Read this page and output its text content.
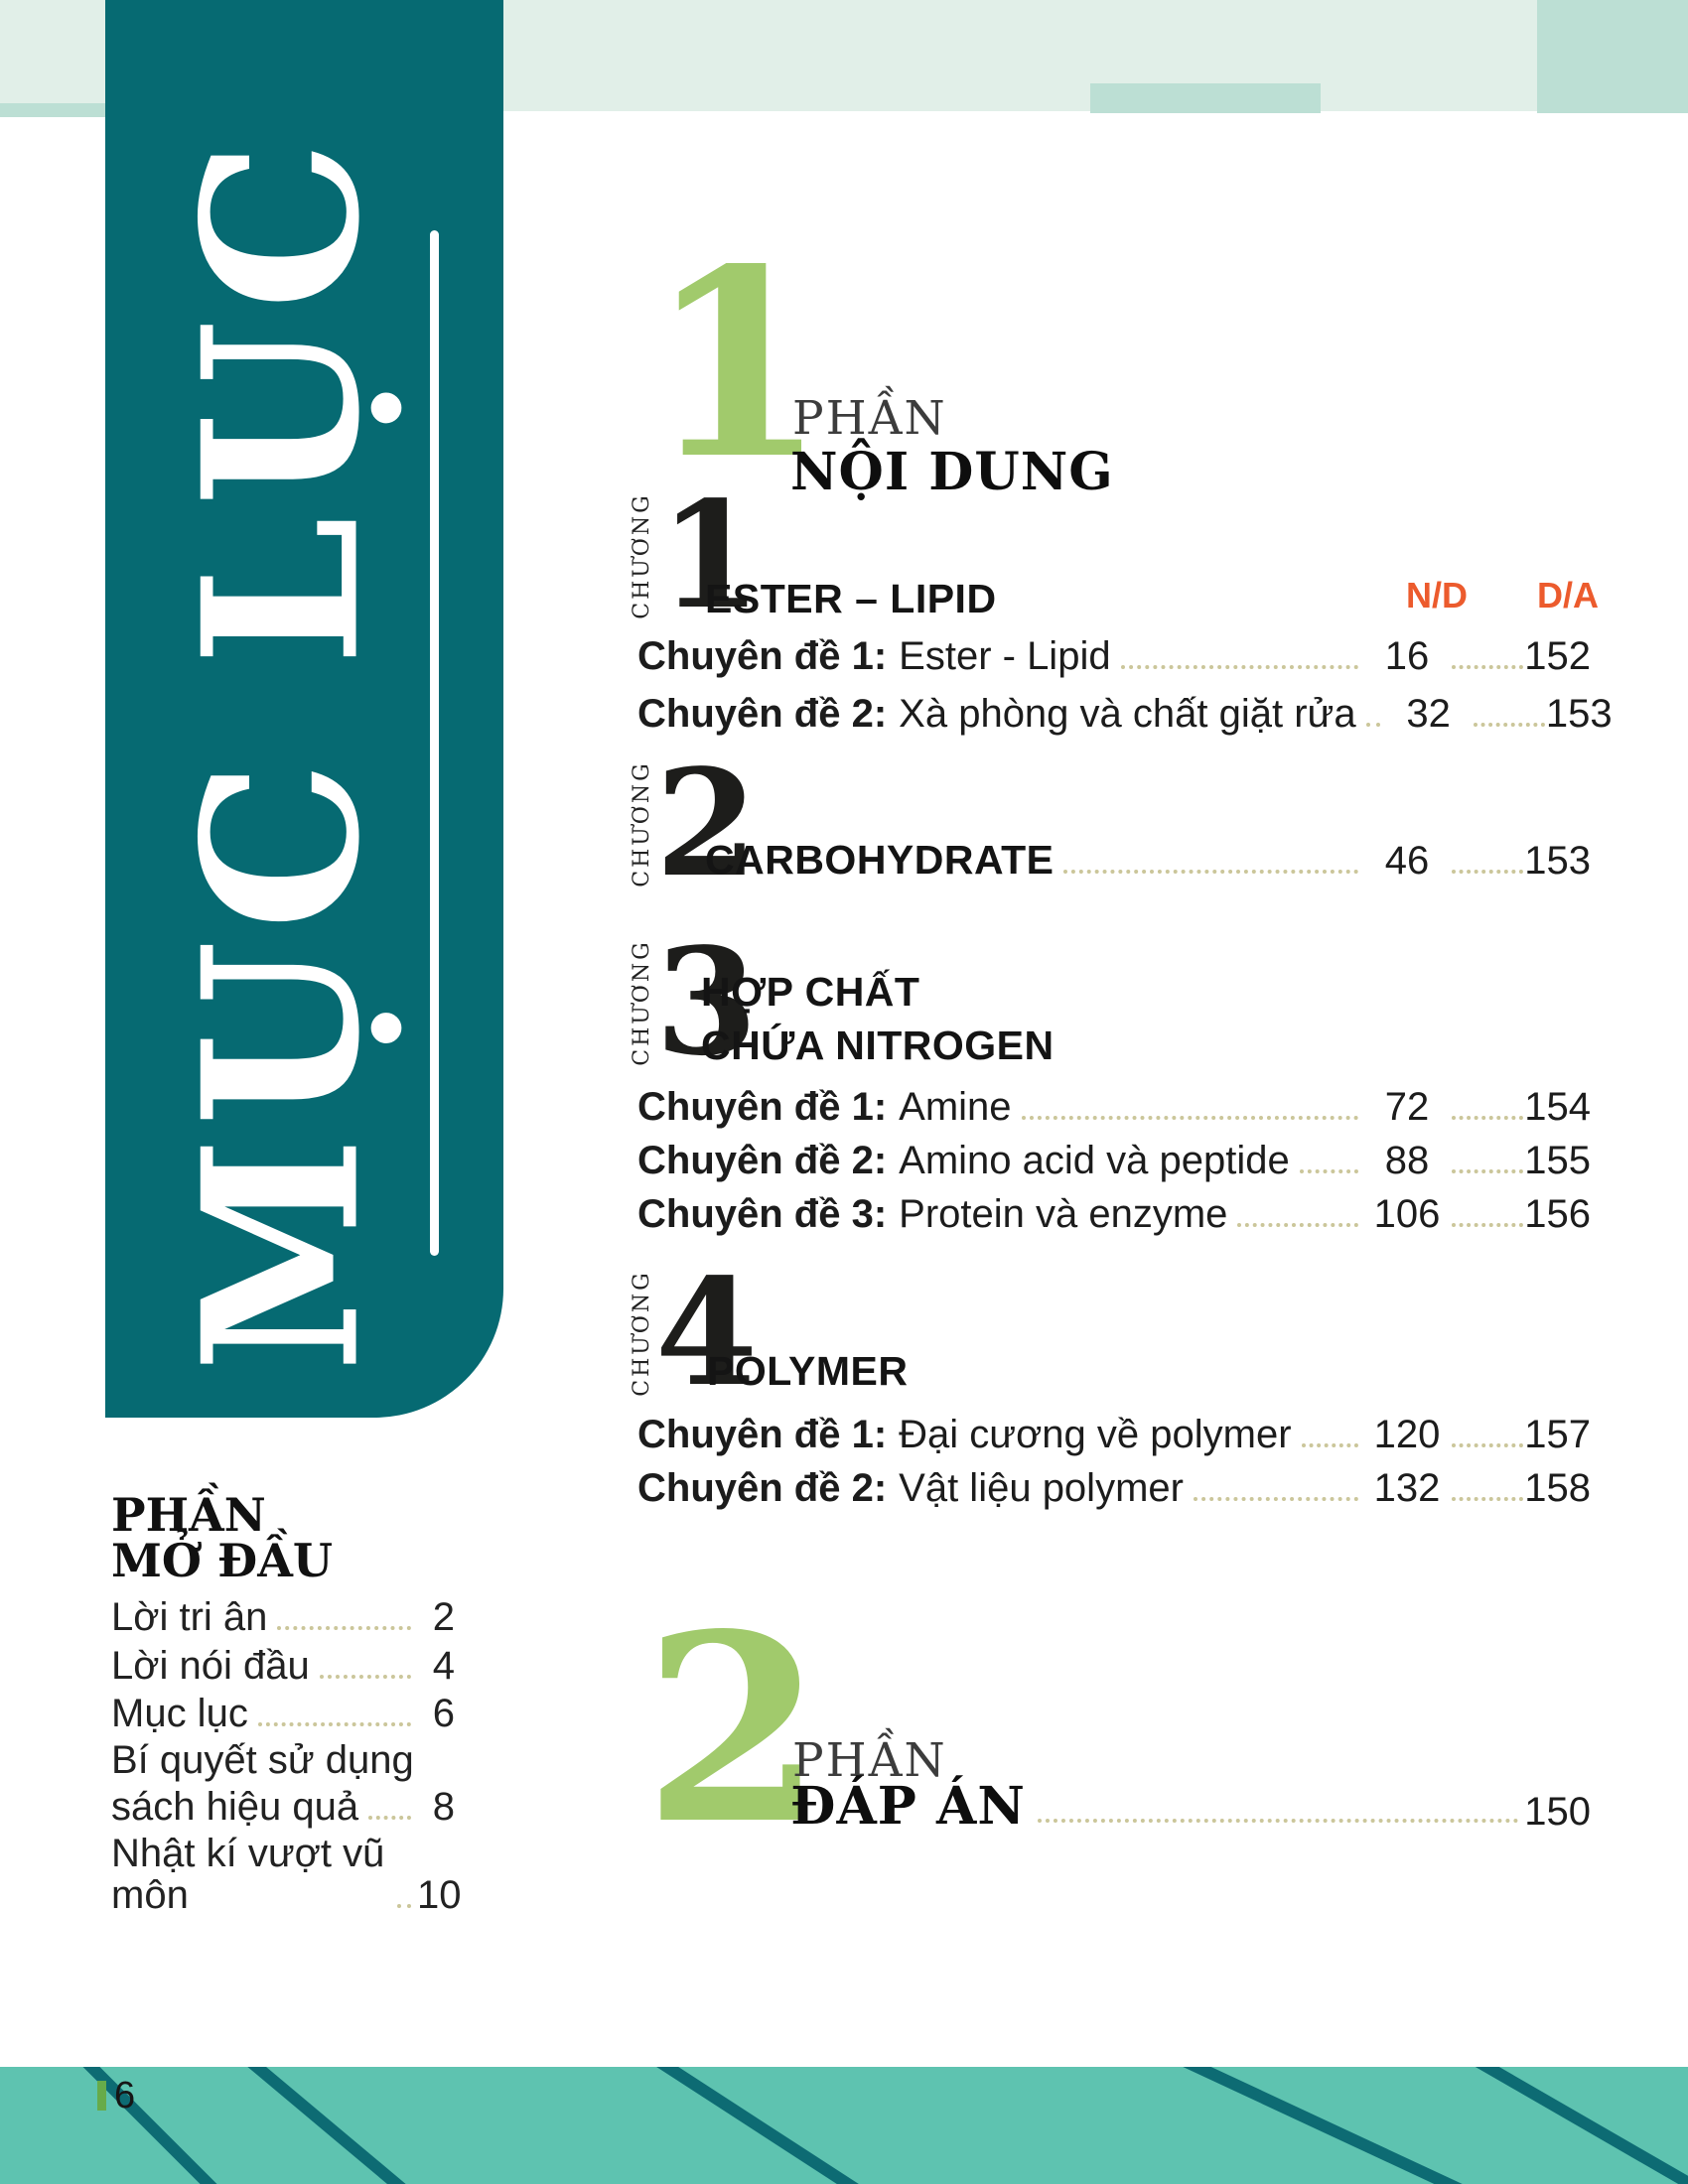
MỤC LỤC
PHẦN
MỞ ĐẦU
Lời tri ân	2
Lời nói đầu	4
Mục lục	6
Bí quyết sử dụng
sách hiệu quả	8
Nhật kí vượt vũ môn	10
1
PHẦN
NỘI DUNG
CHƯƠNG 1
ESTER – LIPID	N/D D/A
Chuyên đề 1: Ester - Lipid	16	152
Chuyên đề 2: Xà phòng và chất giặt rửa	32	153
CHƯƠNG 2
CARBOHYDRATE	46	153
CHƯƠNG 3
HỢP CHẤT
CHỨA NITROGEN
Chuyên đề 1: Amine	72	154
Chuyên đề 2: Amino acid và peptide	88	155
Chuyên đề 3: Protein và enzyme	106 156
CHƯƠNG 4
POLYMER
Chuyên đề 1: Đại cương về polymer 120 157
Chuyên đề 2: Vật liệu polymer	132 158
2
PHẦN
ĐÁP ÁN	150
6
